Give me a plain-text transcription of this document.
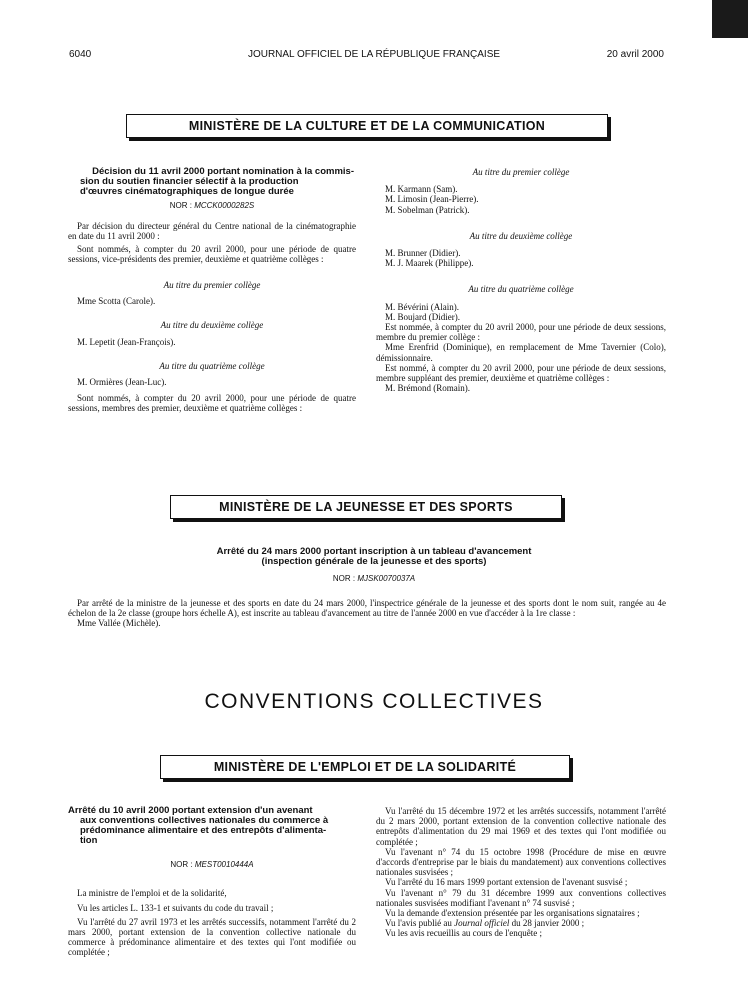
JOURNAL OFFICIEL DE LA RÉPUBLIQUE FRANÇAISE
6040	20 avril 2000
MINISTÈRE DE LA CULTURE ET DE LA COMMUNICATION
Décision du 11 avril 2000 portant nomination à la commis-
sion du soutien financier sélectif à la production
d'œuvres cinématographiques de longue durée
NOR : MCCK0000282S

Par décision du directeur général du Centre national de la cinématographie en date du 11 avril 2000 :

Sont nommés, à compter du 20 avril 2000, pour une période de quatre sessions, vice-présidents des premier, deuxième et quatrième collèges :

Au titre du premier collège
Mme Scotta (Carole).
Au titre du deuxième collège
M. Lepetit (Jean-François).
Au titre du quatrième collège
M. Ormières (Jean-Luc).

Sont nommés, à compter du 20 avril 2000, pour une période de quatre sessions, membres des premier, deuxième et quatrième collèges :

Au titre du premier collège
M. Karmann (Sam).
M. Limosin (Jean-Pierre).
M. Sobelman (Patrick).
Au titre du deuxième collège
M. Brunner (Didier).
M. J. Maarek (Philippe).
Au titre du quatrième collège
M. Bévérini (Alain).
M. Boujard (Didier).

Est nommée, à compter du 20 avril 2000, pour une période de deux sessions, membre du premier collège :

Mme Erenfrid (Dominique), en remplacement de Mme Tavernier (Colo), démissionnaire.

Est nommé, à compter du 20 avril 2000, pour une période de deux sessions, membre suppléant des premier, deuxième et quatrième collèges :

M. Brémond (Romain).
MINISTÈRE DE LA JEUNESSE ET DES SPORTS
Arrêté du 24 mars 2000 portant inscription à un tableau d'avancement
(inspection générale de la jeunesse et des sports)
NOR : MJSK0070037A

Par arrêté de la ministre de la jeunesse et des sports en date du 24 mars 2000, l'inspectrice générale de la jeunesse et des sports dont le nom suit, rangée au 4e échelon de la 2e classe (groupe hors échelle A), est inscrite au tableau d'avancement au titre de l'année 2000 en vue d'accéder à la 1re classe :

Mme Vallée (Michèle).
CONVENTIONS COLLECTIVES
MINISTÈRE DE L'EMPLOI ET DE LA SOLIDARITÉ
Arrêté du 10 avril 2000 portant extension d'un avenant
aux conventions collectives nationales du commerce à
prédominance alimentaire et des entrepôts d'alimenta-
tion
NOR : MEST0010444A

La ministre de l'emploi et de la solidarité,

Vu les articles L. 133-1 et suivants du code du travail ;

Vu l'arrêté du 27 avril 1973 et les arrêtés successifs, notamment l'arrêté du 2 mars 2000, portant extension de la convention collective nationale du commerce à prédominance alimentaire et des textes qui l'ont modifiée ou complétée ;

Vu l'arrêté du 15 décembre 1972 et les arrêtés successifs, notamment l'arrêté du 2 mars 2000, portant extension de la convention collective nationale des entrepôts d'alimentation du 29 mai 1969 et des textes qui l'ont modifiée ou complétée ;

Vu l'avenant n° 74 du 15 octobre 1998 (Procédure de mise en œuvre d'accords d'entreprise par le biais du mandatement) aux conventions collectives nationales susvisées ;

Vu l'arrêté du 16 mars 1999 portant extension de l'avenant susvisé ;

Vu l'avenant n° 79 du 31 décembre 1999 aux conventions collectives nationales susvisées modifiant l'avenant n° 74 susvisé ;

Vu la demande d'extension présentée par les organisations signataires ;

Vu l'avis publié au Journal officiel du 28 janvier 2000 ;

Vu les avis recueillis au cours de l'enquête ;
